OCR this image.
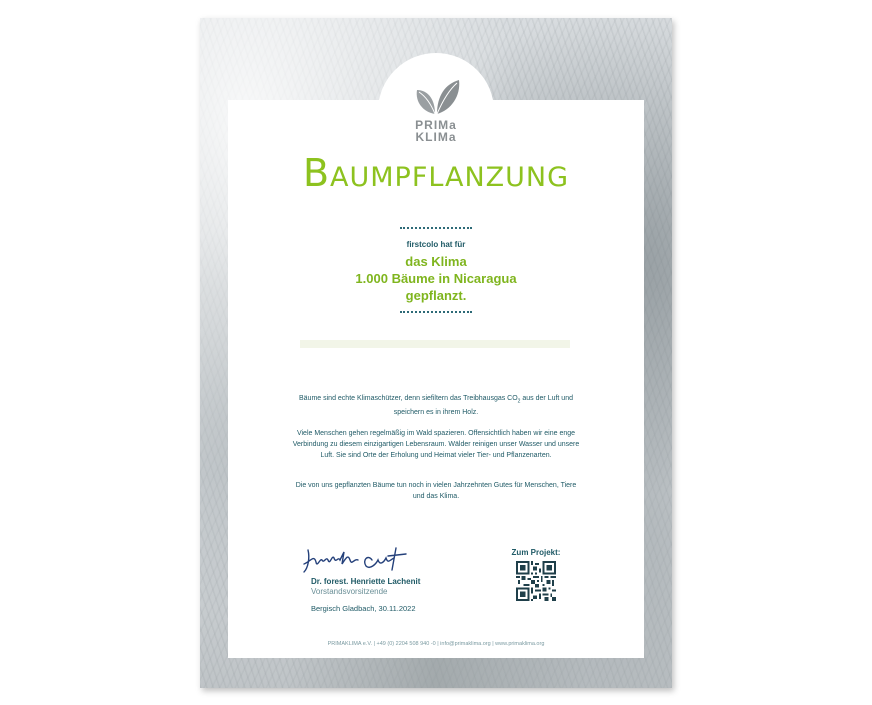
PRIMa
KLIMa
Baumpflanzung
firstcolo hat für
das Klima
1.000 Bäume in Nicaragua
gepflanzt.
Bäume sind echte Klimaschützer, denn siefiltern das Treibhausgas $CO_2$ aus der Luft und speichern es in ihrem Holz.
Viele Menschen gehen regelmäßig im Wald spazieren. Offensichtlich haben wir eine enge Verbindung zu diesem einzigartigen Lebensraum. Wälder reinigen unser Wasser und unsere Luft. Sie sind Orte der Erholung und Heimat vieler Tier- und Pflanzenarten.
Die von uns gepflanzten Bäume tun noch in vielen Jahrzehnten Gutes für Menschen, Tiere und das Klima.
Dr. forest. Henriette Lachenit
Vorstandsvorsitzende
Bergisch Gladbach, 30.11.2022
Zum Projekt:
PRIMAKLIMA e.V. | +49 (0) 2204 508 940 -0 | info@primaklima.org | www.primaklima.org
